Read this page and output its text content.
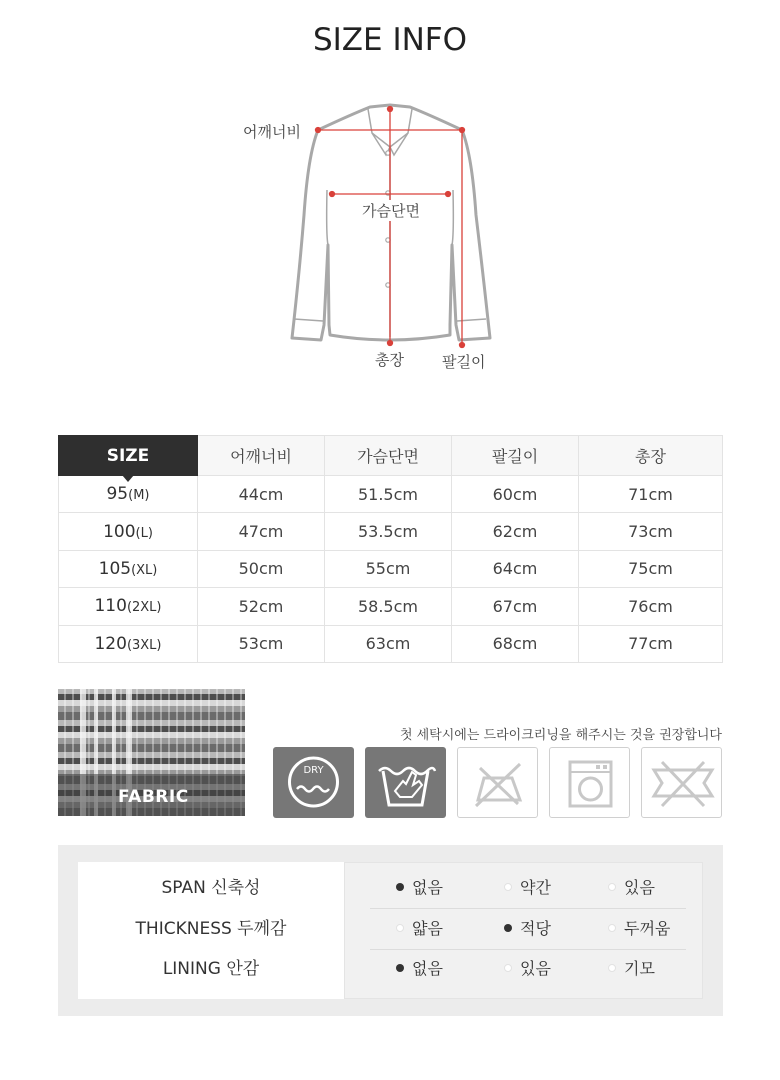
SIZE INFO
어깨너비
가슴단면
총장	팔길이
SIZE	어깨너비	가슴단면	팔길이	총장
95(M)	44cm	51.5cm	60cm	71cm
100(L)	47cm	53.5cm	62cm	73cm
105(XL)	50cm	55cm	64cm	75cm
110(2XL)	52cm	58.5cm	67cm	76cm
120(3XL)	53cm	63cm	68cm	77cm
FABRIC
첫 세탁시에는 드라이크리닝을 해주시는 것을 권장합니다
DRY
SPAN 신축성	없음	약간	있음
THICKNESS 두께감	얇음	적당	두꺼움
LINING 안감	없음	있음	기모
